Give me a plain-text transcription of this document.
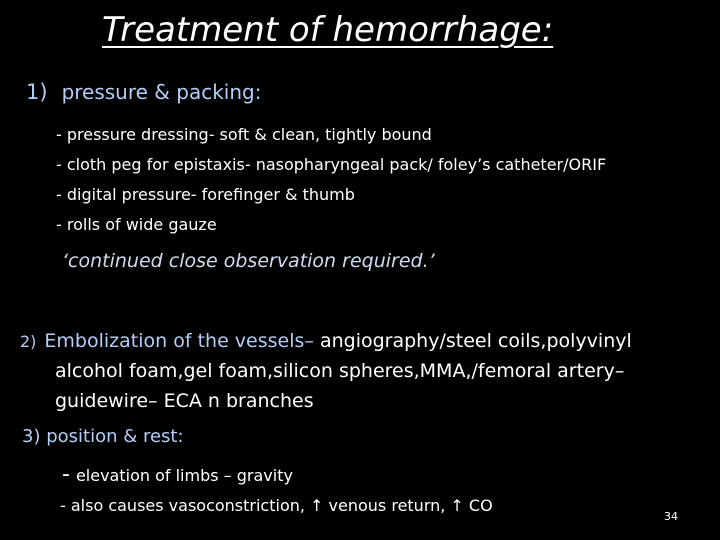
Treatment of hemorrhage:
1) pressure & packing:
- pressure dressing- soft & clean, tightly bound
- cloth peg for epistaxis- nasopharyngeal pack/ foley’s catheter/ORIF
- digital pressure- forefinger & thumb
- rolls of wide gauze
‘continued close observation required.’
2) Embolization of the vessels– angiography/steel coils,polyvinyl
alcohol foam,gel foam,silicon spheres,MMA,/femoral artery–
guidewire– ECA n branches
3) position & rest:
- elevation of limbs – gravity
- also causes vasoconstriction, ↑ venous return, ↑ CO
34
